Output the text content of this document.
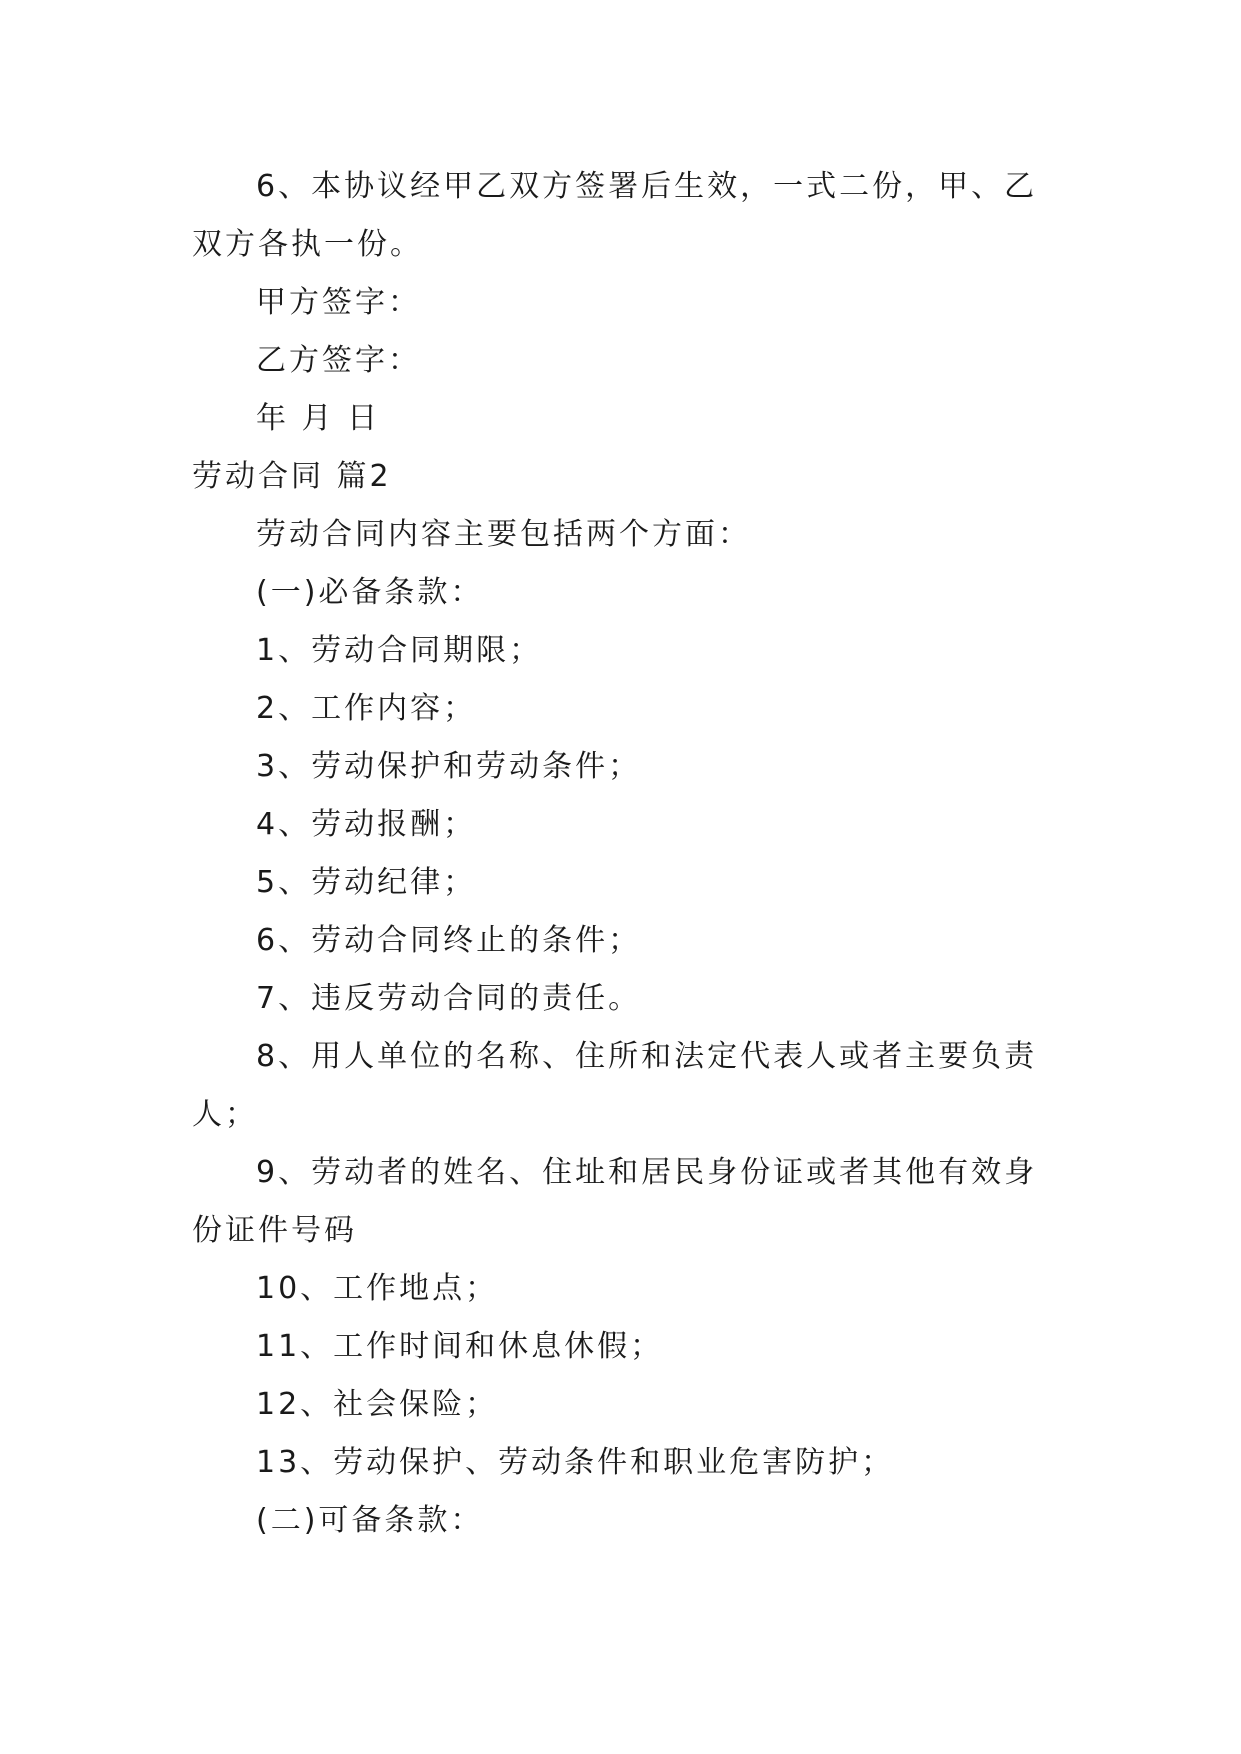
6、本协议经甲乙双方签署后生效，一式二份，甲、乙
双方各执一份。
甲方签字：
乙方签字：
年 月 日
劳动合同 篇2
劳动合同内容主要包括两个方面：
(一)必备条款：
1、劳动合同期限；
2、工作内容；
3、劳动保护和劳动条件；
4、劳动报酬；
5、劳动纪律；
6、劳动合同终止的条件；
7、违反劳动合同的责任。
8、用人单位的名称、住所和法定代表人或者主要负责
人；
9、劳动者的姓名、住址和居民身份证或者其他有效身
份证件号码
10、工作地点；
11、工作时间和休息休假；
12、社会保险；
13、劳动保护、劳动条件和职业危害防护；
(二)可备条款：
